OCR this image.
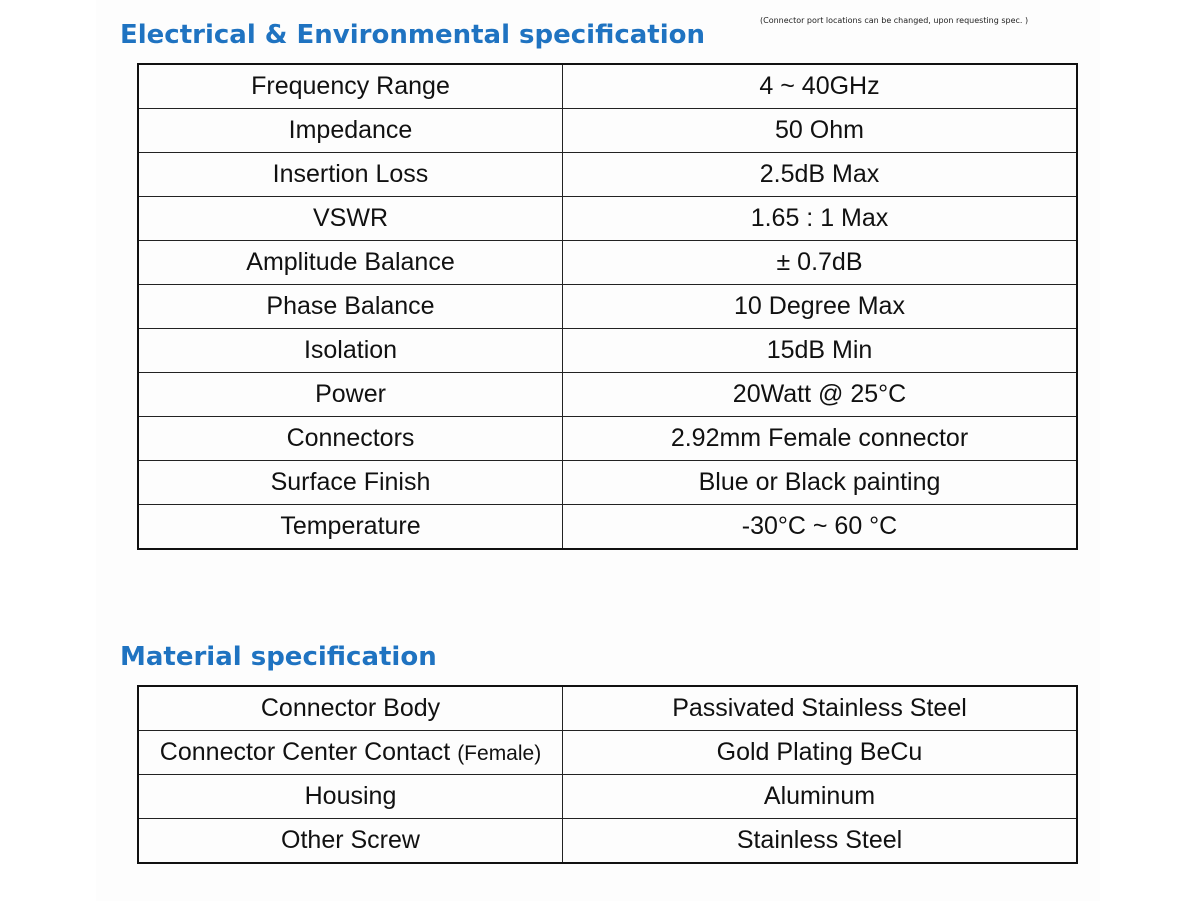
(Connector port locations can be changed, upon requesting spec. )
Electrical & Environmental specification
Frequency Range	4 ~ 40GHz
Impedance	50 Ohm
Insertion Loss	2.5dB Max
VSWR	1.65 : 1 Max
Amplitude Balance	± 0.7dB
Phase Balance	10 Degree Max
Isolation	15dB Min
Power	20Watt @ 25°C
Connectors	2.92mm Female connector
Surface Finish	Blue or Black painting
Temperature	-30°C ~ 60 °C
Material specification
Connector Body	Passivated Stainless Steel
Connector Center Contact (Female)	Gold Plating BeCu
Housing	Aluminum
Other Screw	Stainless Steel
